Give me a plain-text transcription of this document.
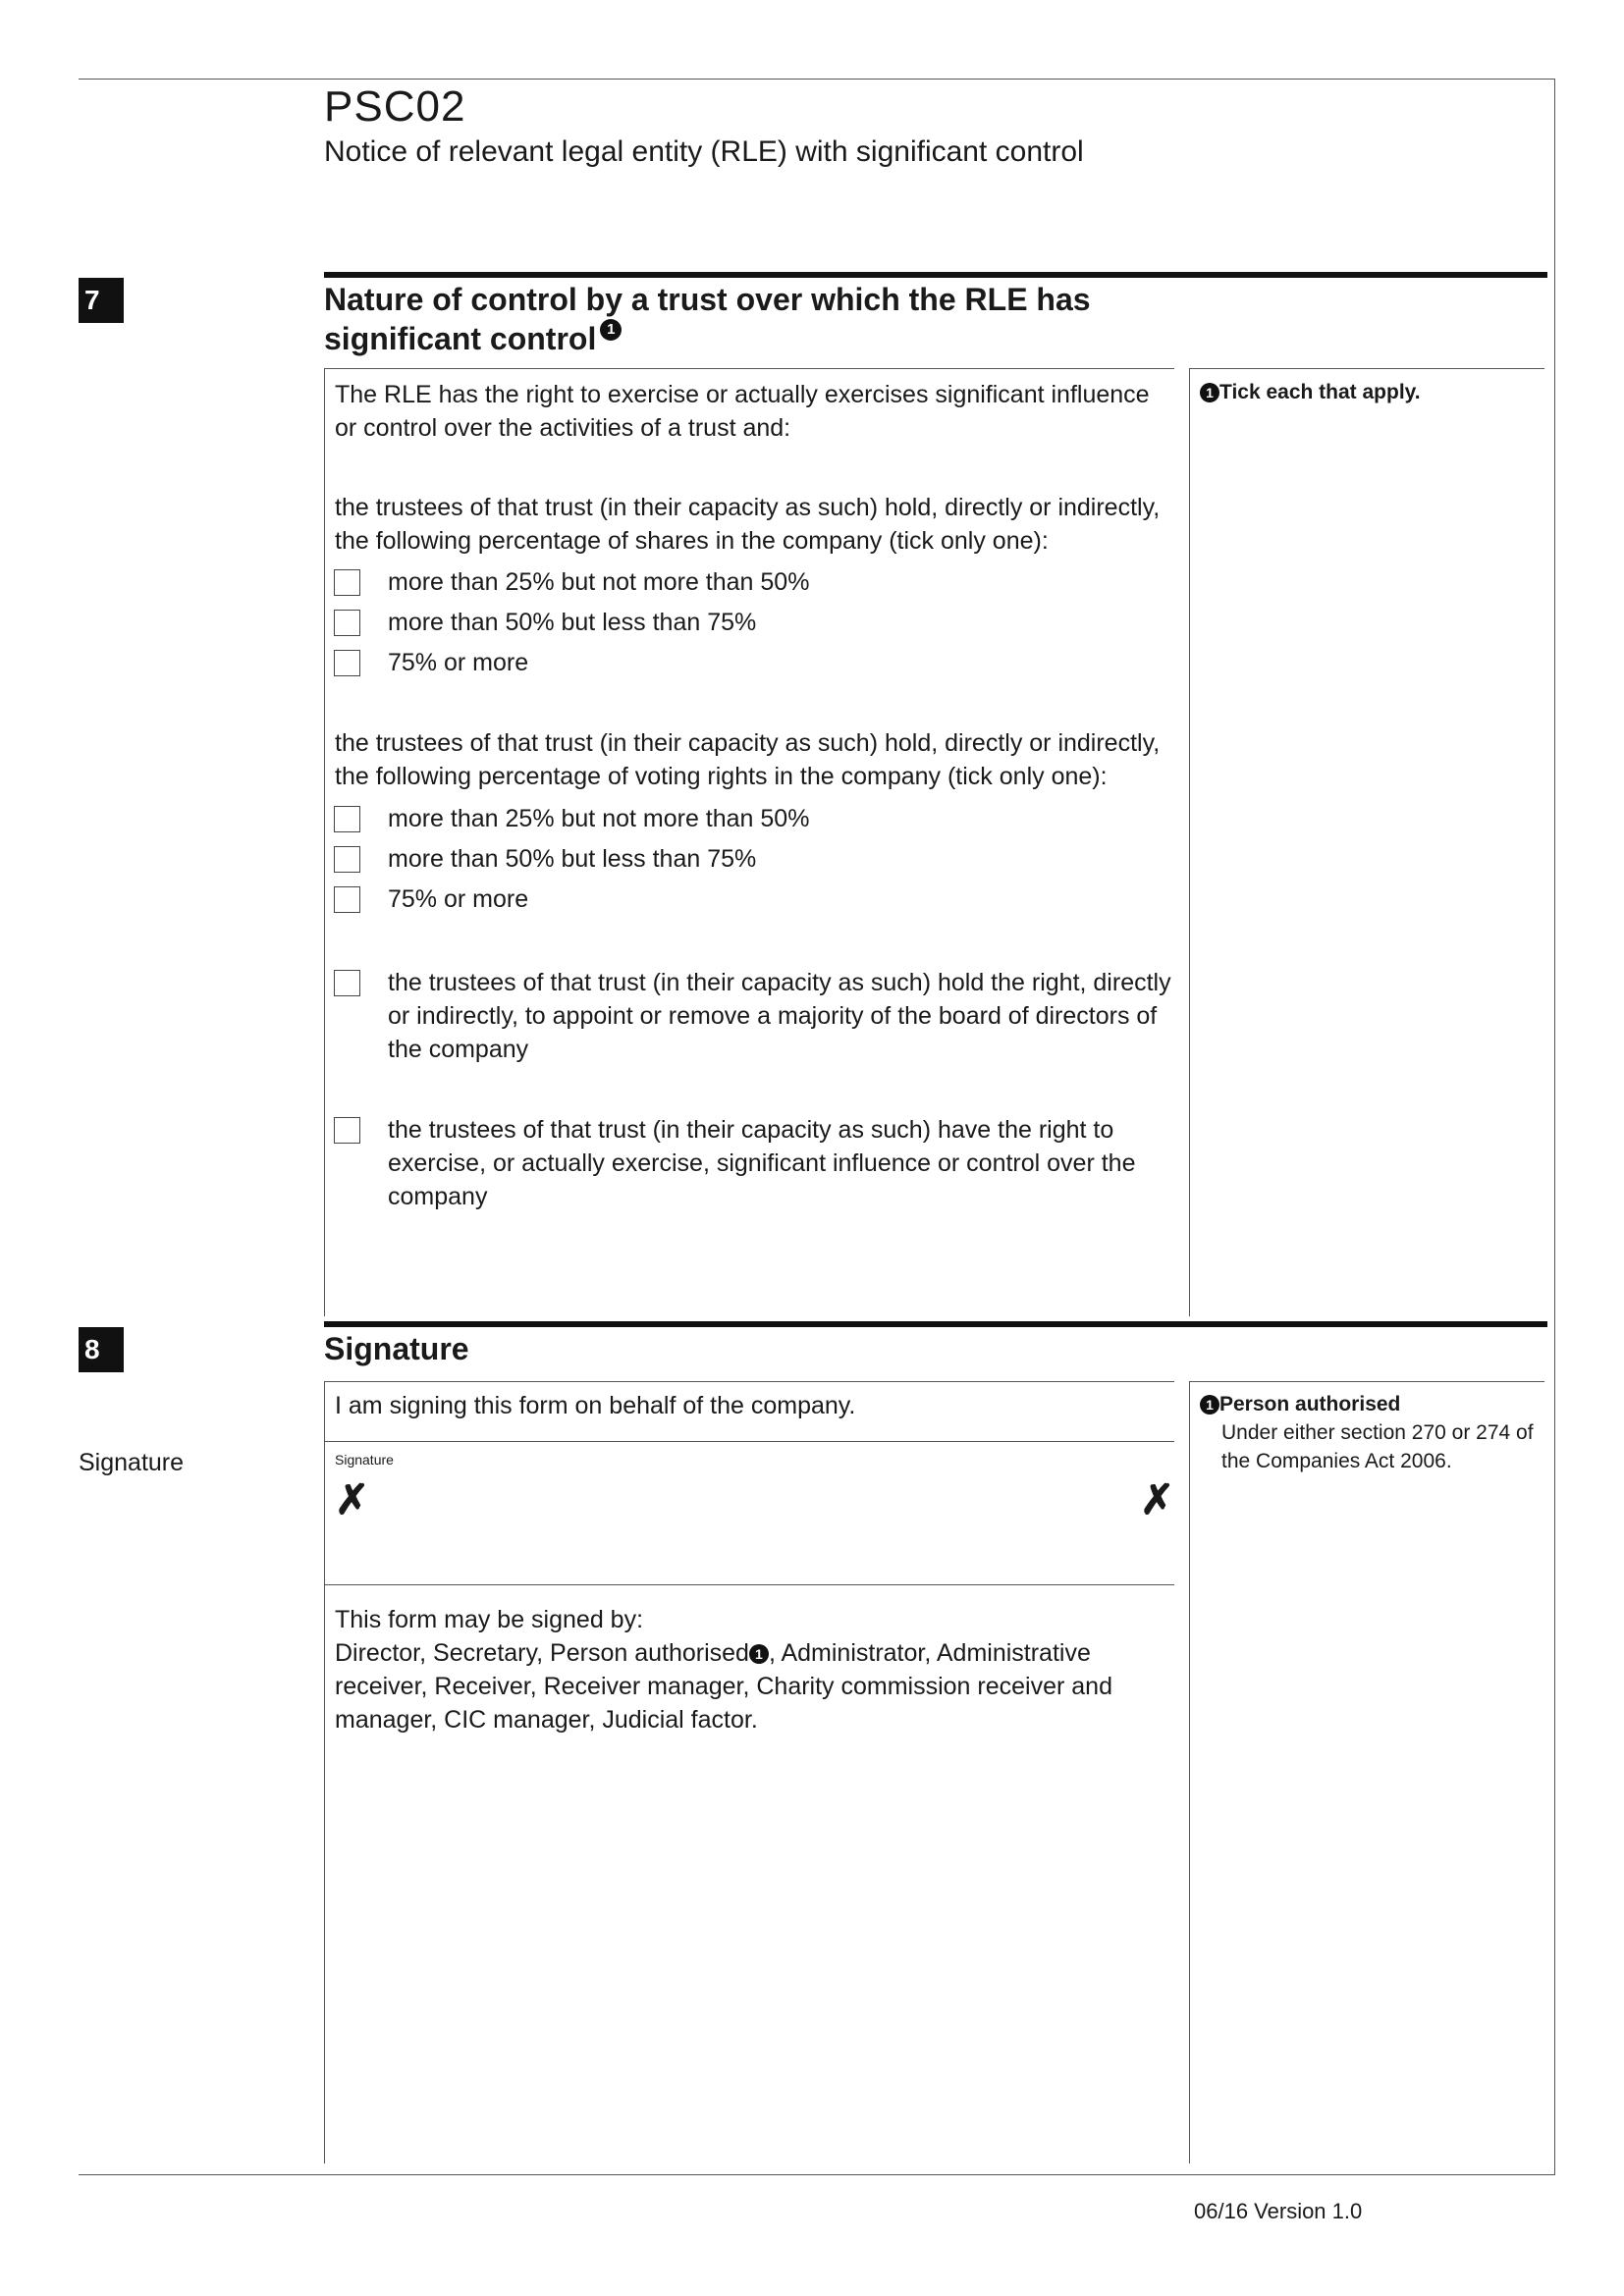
PSC02
Notice of relevant legal entity (RLE) with significant control
7	Nature of control by a trust over which the RLE has
significant control 1
The RLE has the right to exercise or actually exercises significant influence or control over the activities of a trust and:
the trustees of that trust (in their capacity as such) hold, directly or indirectly, the following percentage of shares in the company (tick only one):
more than 25% but not more than 50%
more than 50% but less than 75%
75% or more
the trustees of that trust (in their capacity as such) hold, directly or indirectly, the following percentage of voting rights in the company (tick only one):
more than 25% but not more than 50%
more than 50% but less than 75%
75% or more
the trustees of that trust (in their capacity as such) hold the right, directly or indirectly, to appoint or remove a majority of the board of directors of the company
the trustees of that trust (in their capacity as such) have the right to exercise, or actually exercise, significant influence or control over the company
1 Tick each that apply.
8	Signature
I am signing this form on behalf of the company.
Signature	Signature
✗	✗
This form may be signed by:
Director, Secretary, Person authorised 1 , Administrator, Administrative receiver, Receiver, Receiver manager, Charity commission receiver and manager, CIC manager, Judicial factor.
1 Person authorised
Under either section 270 or 274 of the Companies Act 2006.
06/16 Version 1.0
